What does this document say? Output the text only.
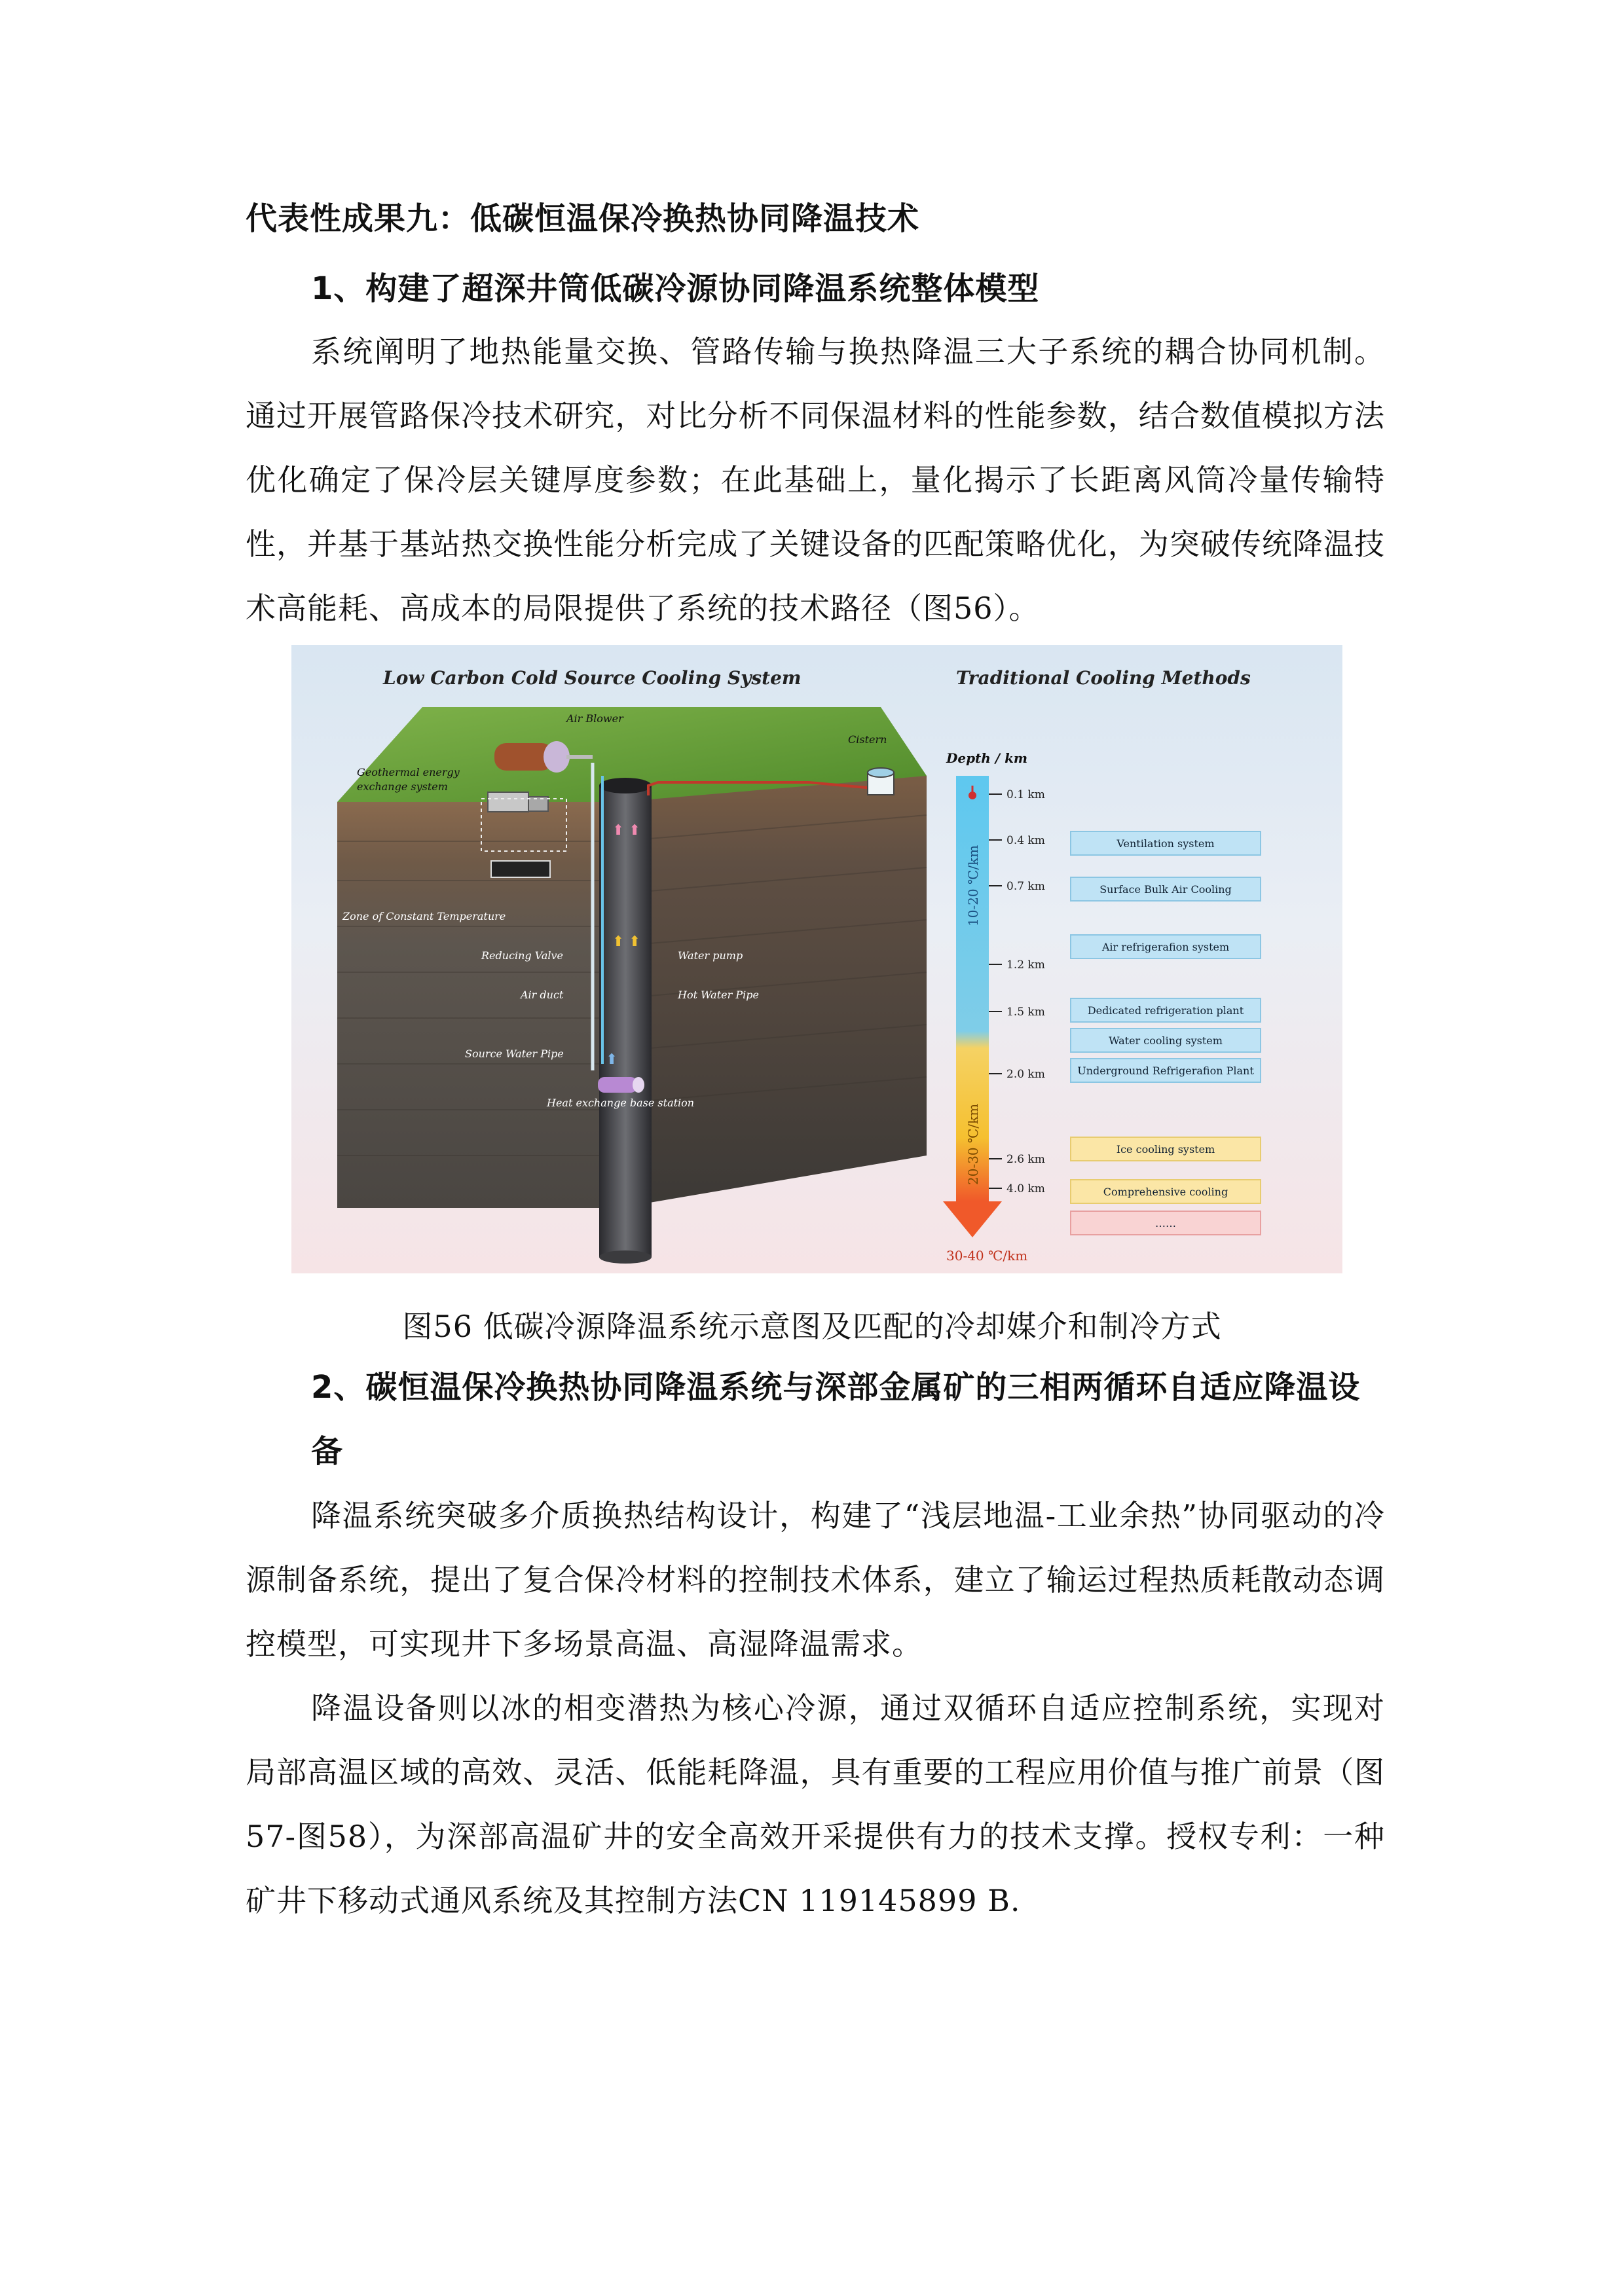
代表性成果九：低碳恒温保冷换热协同降温技术
1、构建了超深井筒低碳冷源协同降温系统整体模型
系统阐明了地热能量交换、管路传输与换热降温三大子系统的耦合协同机制。通过开展管路保冷技术研究，对比分析不同保温材料的性能参数，结合数值模拟方法优化确定了保冷层关键厚度参数；在此基础上，量化揭示了长距离风筒冷量传输特性，并基于基站热交换性能分析完成了关键设备的匹配策略优化，为突破传统降温技术高能耗、高成本的局限提供了系统的技术路径（图56）。
Low Carbon Cold Source Cooling System	Traditional Cooling Methods
⬆ ⬆
⬆ ⬆
⬆
Air Blower
Cistern
Geothermal energy
exchange system
Zone of Constant Temperature
Reducing Valve	Water pump
Air duct	Hot Water Pipe
Source Water Pipe
Heat exchange base station
Depth / km
10-20 ℃/km
20-30 ℃/km
30-40 ℃/km
0.1 km
0.4 km
0.7 km
1.2 km
1.5 km
2.0 km
2.6 km
4.0 km
Ventilation system
Surface Bulk Air Cooling
Air refrigerafion system
Dedicated refrigeration plant
Water cooling system
Underground Refrigerafion Plant
Ice cooling system
Comprehensive cooling
……
图56 低碳冷源降温系统示意图及匹配的冷却媒介和制冷方式
2、碳恒温保冷换热协同降温系统与深部金属矿的三相两循环自适应降温设备
降温系统突破多介质换热结构设计，构建了“浅层地温-工业余热”协同驱动的冷源制备系统，提出了复合保冷材料的控制技术体系，建立了输运过程热质耗散动态调控模型，可实现井下多场景高温、高湿降温需求。
降温设备则以冰的相变潜热为核心冷源，通过双循环自适应控制系统，实现对局部高温区域的高效、灵活、低能耗降温，具有重要的工程应用价值与推广前景（图57-图58），为深部高温矿井的安全高效开采提供有力的技术支撑。授权专利：一种矿井下移动式通风系统及其控制方法CN 119145899 B.
